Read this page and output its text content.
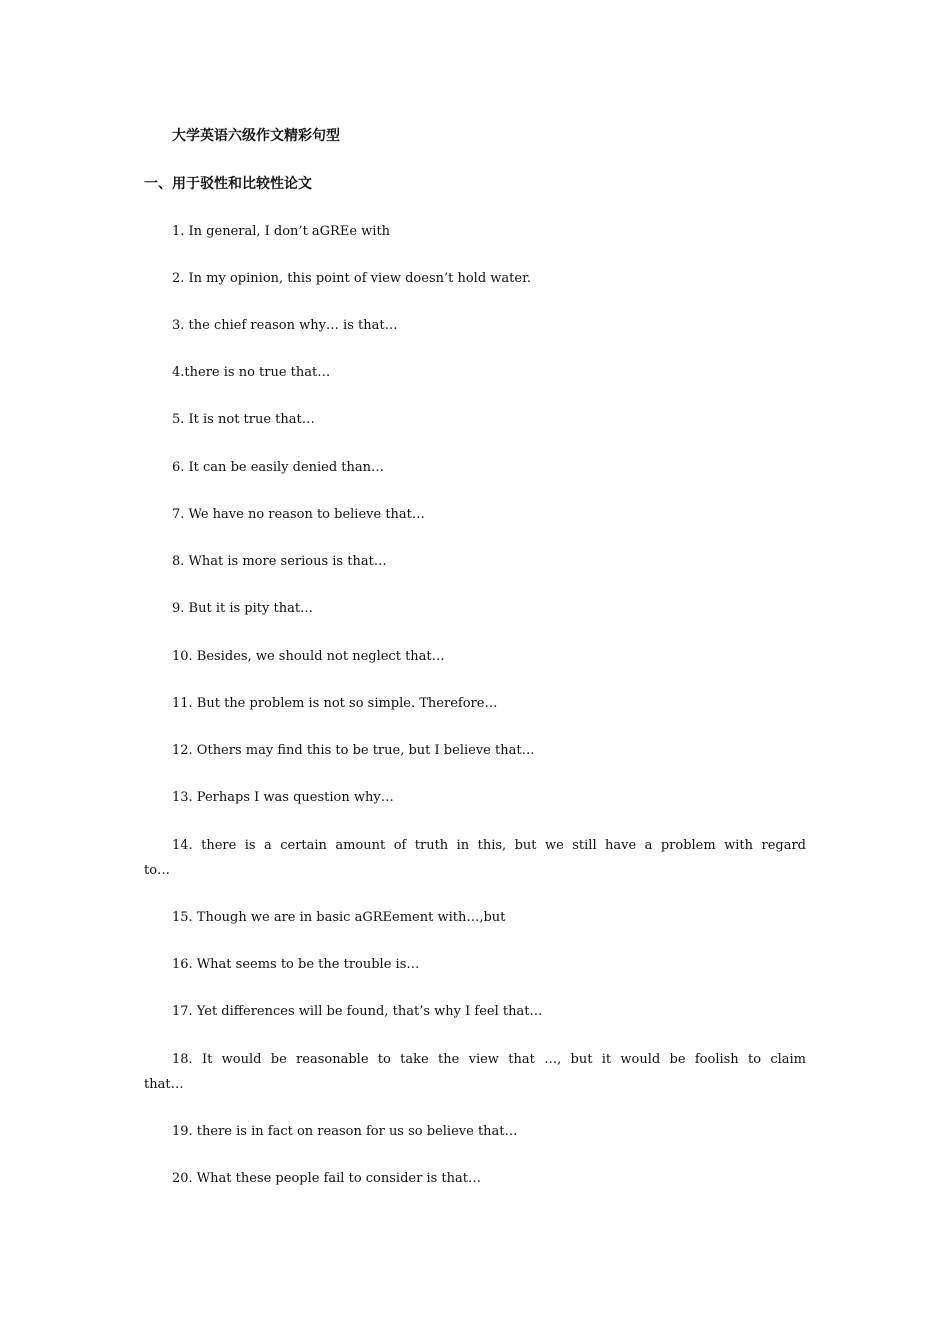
大学英语六级作文精彩句型
一、用于驳性和比较性论文
1. In general, I don’t aGREe with
2. In my opinion, this point of view doesn’t hold water.
3. the chief reason why… is that…
4.there is no true that…
5. It is not true that…
6. It can be easily denied than…
7. We have no reason to believe that…
8. What is more serious is that…
9. But it is pity that…
10. Besides, we should not neglect that…
11. But the problem is not so simple. Therefore…
12. Others may find this to be true, but I believe that…
13. Perhaps I was question why…
14. there is a certain amount of truth in this, but we still have a problem with regard to…
15. Though we are in basic aGREement with…,but
16. What seems to be the trouble is…
17. Yet differences will be found, that’s why I feel that…
18. It would be reasonable to take the view that …, but it would be foolish to claim that…
19. there is in fact on reason for us so believe that…
20. What these people fail to consider is that…
